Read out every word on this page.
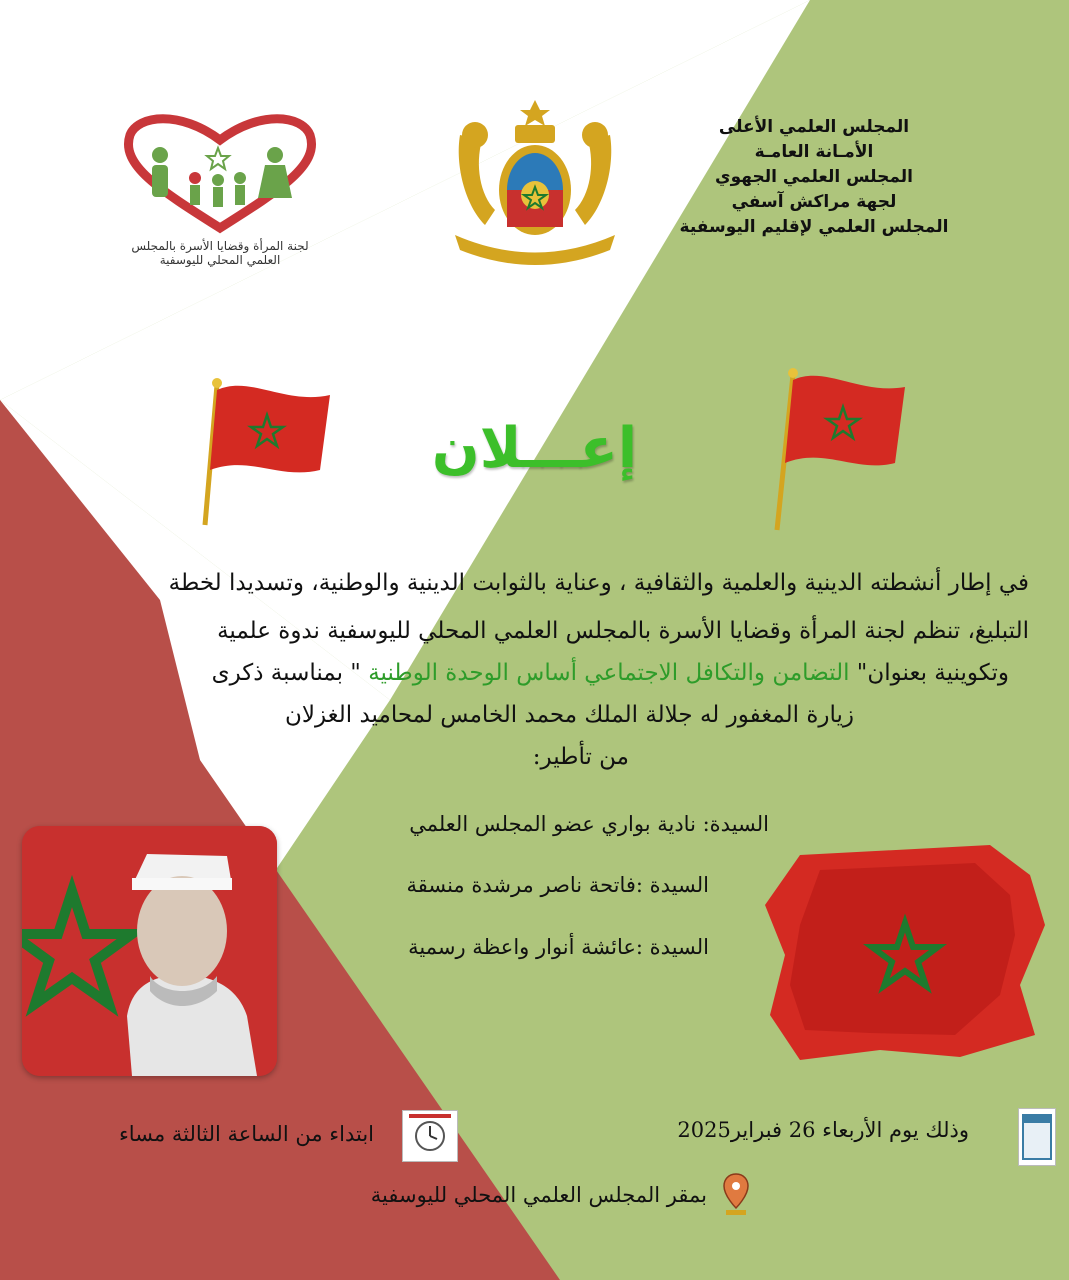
المجلس العلمي الأعلى
الأمـانة العامـة
المجلس العلمي الجهوي
لجهة مراكش آسفي
المجلس العلمي لإقليم اليوسفية
لجنة المرأة وقضايا الأسرة بالمجلس
العلمي المحلي لليوسفية
إعـــلان
في إطار أنشطته الدينية والعلمية والثقافية ، وعناية بالثوابت الدينية والوطنية، وتسديدا لخطة
التبليغ، تنظم لجنة المرأة وقضايا الأسرة بالمجلس العلمي المحلي لليوسفية ندوة علمية
وتكوينية بعنوان" التضامن والتكافل الاجتماعي أساس الوحدة الوطنية " بمناسبة ذكرى
زيارة المغفور له جلالة الملك محمد الخامس لمحاميد الغزلان
من تأطير:
السيدة: نادية بواري عضو المجلس العلمي
السيدة :فاتحة ناصر مرشدة منسقة
السيدة :عائشة أنوار واعظة رسمية
وذلك يوم الأربعاء 26 فبراير2025
ابتداء من الساعة الثالثة مساء
بمقر المجلس العلمي المحلي لليوسفية
